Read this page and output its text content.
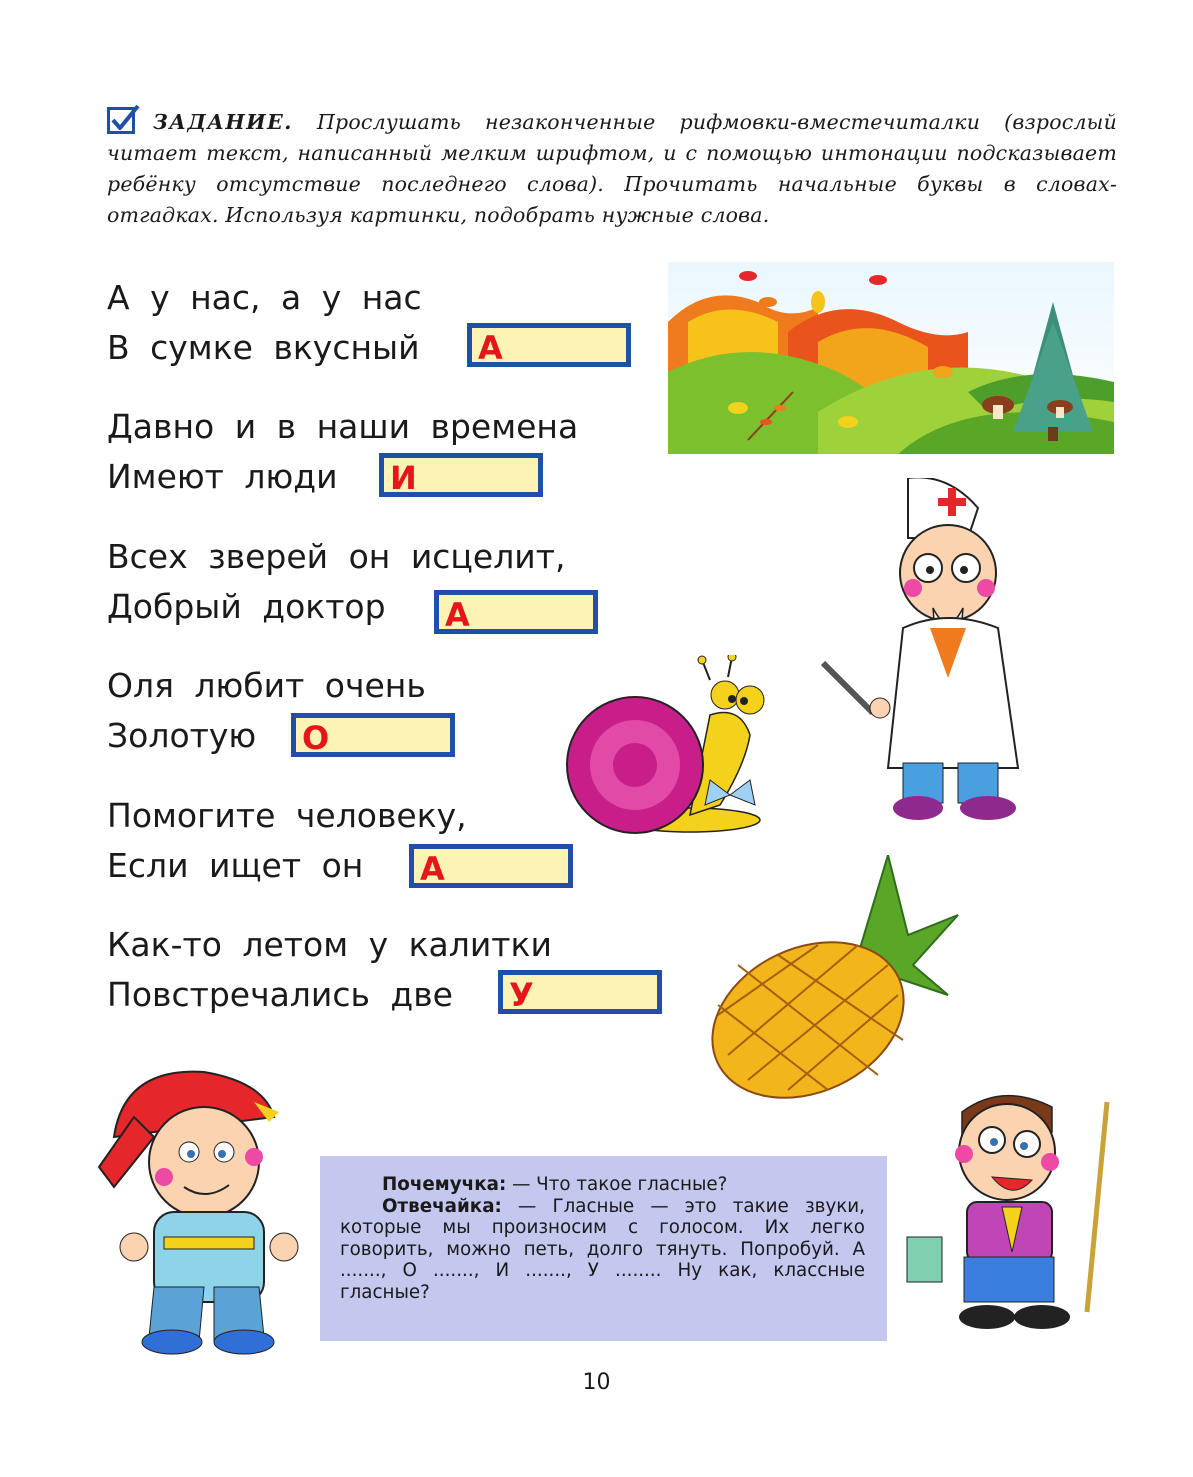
ЗАДАНИЕ. Прослушать незаконченные рифмовки-вместечиталки (взрослый читает текст, написанный мелким шрифтом, и с помощью интонации подсказывает ребёнку отсутствие последнего слова). Прочитать начальные буквы в словах-отгадках. Используя картинки, подобрать нужные слова.
А у нас, а у нас
В сумке вкусный А
Давно и в наши времена
Имеют люди И
Всех зверей он исцелит,
Добрый доктор А
Оля любит очень
Золотую О
Помогите человеку,
Если ищет он А
Как-то летом у калитки
Повстречались две У

Почемучка: — Что такое гласные?

Отвечайка: — Гласные — это такие звуки, которые мы произносим с голосом. Их легко говорить, можно петь, долго тянуть. Попробуй. А ......., О ......., И ......., У ........ Ну как, классные гласные?

10
